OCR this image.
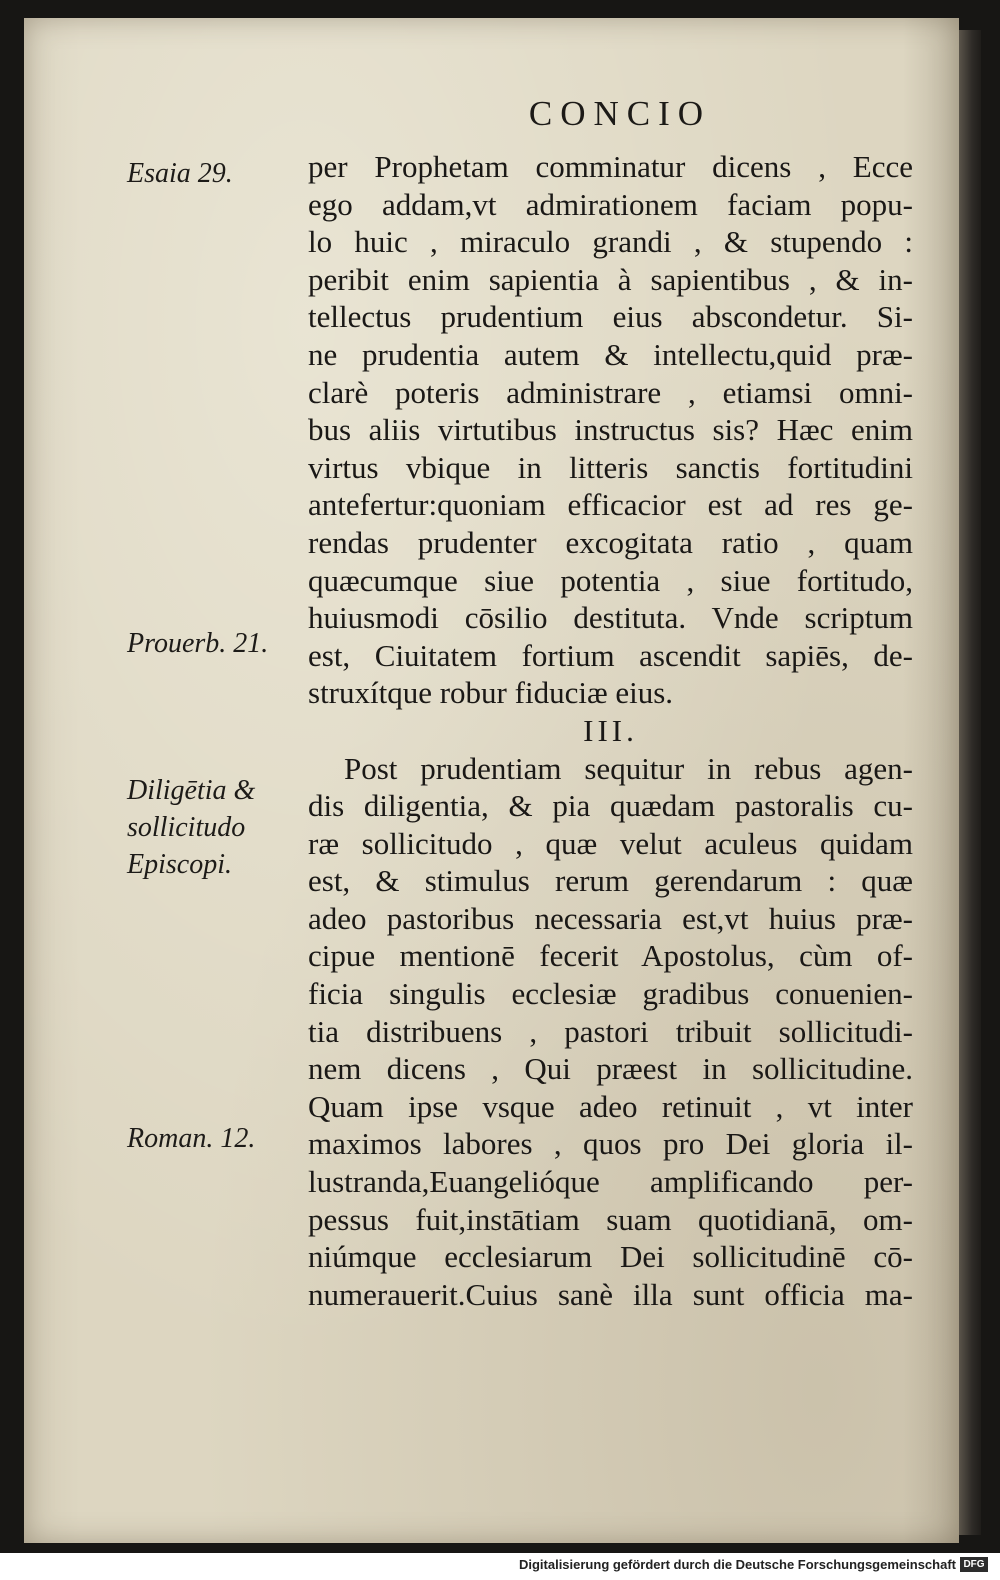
CONCIO
Esaia 29.
Prouerb. 21.
Diligētia &
sollicitudo
Episcopi.
Roman. 12.
per Prophetam comminatur dicens , Ecce
ego addam,vt admirationem faciam popu-
lo huic , miraculo grandi , & stupendo :
peribit enim sapientia à sapientibus , & in-
tellectus prudentium eius abscondetur. Si-
ne prudentia autem & intellectu,quid præ-
clarè poteris administrare , etiamsi omni-
bus aliis virtutibus instructus sis? Hæc enim
virtus vbique in litteris sanctis fortitudini
antefertur:quoniam efficacior est ad res ge-
rendas prudenter excogitata ratio , quam
quæcumque siue potentia , siue fortitudo,
huiusmodi cōsilio destituta. Vnde scriptum
est, Ciuitatem fortium ascendit sapiēs, de-
struxítque robur fiduciæ eius.
III.
Post prudentiam sequitur in rebus agen-
dis diligentia, & pia quædam pastoralis cu-
ræ sollicitudo , quæ velut aculeus quidam
est, & stimulus rerum gerendarum : quæ
adeo pastoribus necessaria est,vt huius præ-
cipue mentionē fecerit Apostolus, cùm of-
ficia singulis ecclesiæ gradibus conuenien-
tia distribuens , pastori tribuit sollicitudi-
nem dicens , Qui præest in sollicitudine.
Quam ipse vsque adeo retinuit , vt inter
maximos labores , quos pro Dei gloria il-
lustranda,Euangelióque amplificando per-
pessus fuit,instātiam suam quotidianā, om-
niúmque ecclesiarum Dei sollicitudinē cō-
numerauerit.Cuius sanè illa sunt officia ma-
Digitalisierung gefördert durch die Deutsche Forschungsgemeinschaft DFG
